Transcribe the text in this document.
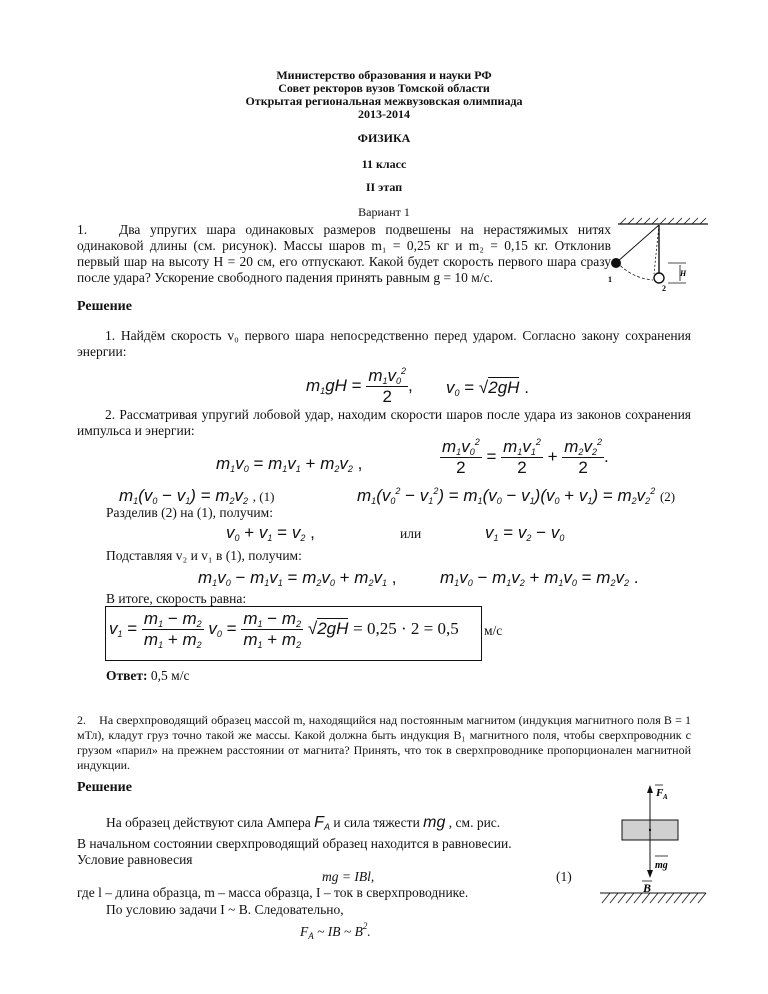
Министерство образования и науки РФ
Совет ректоров вузов Томской области
Открытая региональная межвузовская олимпиада
2013-2014
ФИЗИКА
11 класс
II этап
Вариант 1
1.	Два упругих шара одинаковых размеров подвешены на нерастяжимых нитях одинаковой длины (см. рисунок). Массы шаров m₁ = 0,25 кг и m₂ = 0,15 кг. Отклонив первый шар на высоту H = 20 см, его отпускают. Какой будет скорость первого шара сразу после удара? Ускорение свободного падения принять равным g = 10 м/с.	H
1
2
Решение
1. Найдём скорость v₀ первого шара непосредственно перед ударом. Согласно закону сохранения энергии:
$m_1gH = \frac{m_1v_0^2}{2}$ , $v_0 = √2gH$ .
2. Рассматривая упругий лобовой удар, находим скорости шаров после удара из законов сохранения импульса и энергии:
$m_1v_0 = m_1v_1 + m_2v_2$ ,	$\frac{m_1v_0^2}{2} = \frac{m_1v_1^2}{2} + \frac{m_2v_2^2}{2}$ .
$m_1(v_0 - v_1) = m_2v_2$ , (1)	$m_1(v_0^2 - v_1^2) = m_1(v_0 - v_1)(v_0 + v_1) = m_2v_2^2$ (2)
Разделив (2) на (1), получим:
$v_0 + v_1 = v_2$ ,	или	$v_1 = v_2 - v_0$
Подставляя v₂ и v₁ в (1), получим:
$m_1v_0 - m_1v_1 = m_2v_0 + m_2v_1$ ,	$m_1v_0 - m_1v_2 + m_1v_0 = m_2v_2$ .
В итоге, скорость равна:
$v_1 = \frac{m_1 - m_2}{m_1 + m_2} v_0 = \frac{m_1 - m_2}{m_1 + m_2} √2gH = 0,25 \cdot 2 = 0,5$ м/с
Ответ: 0,5 м/с
2. На сверхпроводящий образец массой m, находящийся над постоянным магнитом (индукция магнитного поля B = 1 мТл), кладут груз точно такой же массы. Какой должна быть индукция B₁ магнитного поля, чтобы сверхпроводник с грузом «парил» на прежнем расстоянии от магнита? Принять, что ток в сверхпроводнике пропорционален магнитной индукции.
Решение
На образец действуют сила Ампера $F_A$ и сила тяжести mg , см. рис.
В начальном состоянии сверхпроводящий образец находится в равновесии.
Условие равновесия
mg = IBl,	(1)
где l – длина образца, m – масса образца, I – ток в сверхпроводнике.
По условию задачи I ~ B. Следовательно,
$F_A$ ~ IB ~ $B^2$.
F A
mg
B
